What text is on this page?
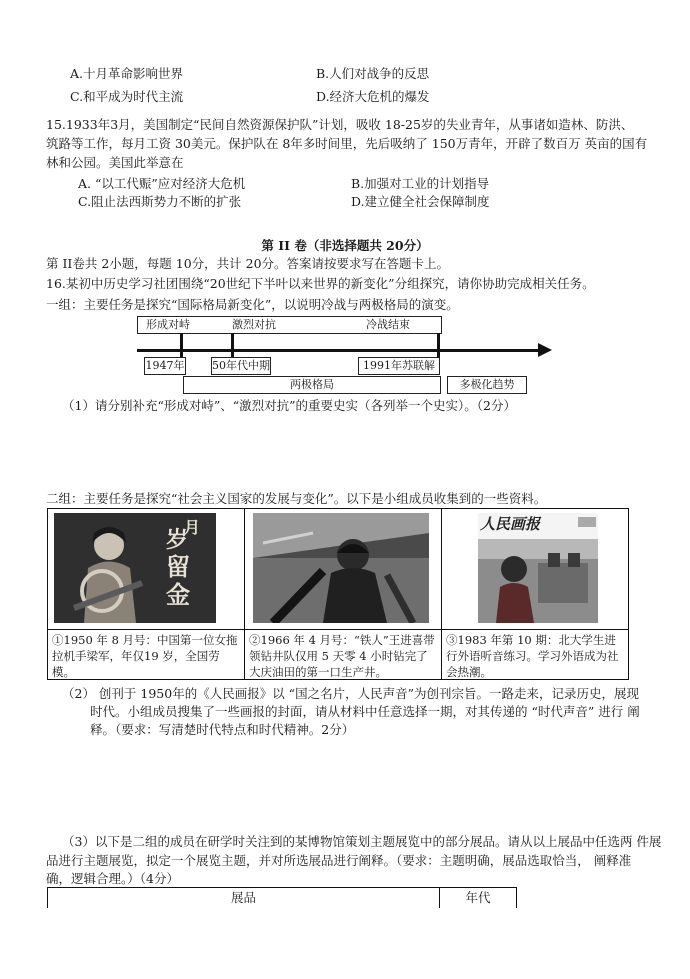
A.十月革命影响世界	B.人们对战争的反思
C.和平成为时代主流	D.经济大危机的爆发
15.1933年3月，美国制定“民间自然资源保护队”计划，吸收 18-25岁的失业青年，从事诸如造林、防洪、
筑路等工作，每月工资 30美元。保护队在 8年多时间里，先后吸纳了 150万青年，开辟了数百万 英亩的国有
林和公园。美国此举意在
A. “以工代赈”应对经济大危机	B.加强对工业的计划指导
C.阻止法西斯势力不断的扩张	D.建立健全社会保障制度
第 II 卷（非选择题共 20分）
第 II卷共 2小题，每题 10分，共计 20分。答案请按要求写在答题卡上。
16.某初中历史学习社团围绕“20世纪下半叶以来世界的新变化”分组探究，请你协助完成相关任务。
一组：主要任务是探究“国际格局新变化”，以说明冷战与两极格局的演变。
形成对峙	激烈对抗	冷战结束
1947年	50年代中期	1991年苏联解
两极格局	多极化趋势
（1）请分别补充“形成对峙”、“激烈对抗”的重要史实（各列举一个史实）。（2分）
二组：主要任务是探究“社会主义国家的发展与变化”。以下是小组成员收集到的一些资料。
岁
月
留
金
①1950 年 8 月号：中国第一位女拖拉机手梁军，年仅19 岁，全国劳模。
②1966 年 4 月号：“铁人”王进喜带领钻井队仅用 5 天零 4 小时钻完了大庆油田的第一口生产井。
人民画报
③1983 年第 10 期：北大学生进行外语听音练习。学习外语成为社会热潮。
（2） 创刊于 1950年的《人民画报》以 “国之名片，人民声音”为创刊宗旨。一路走来，记录历史，展现
时代。小组成员搜集了一些画报的封面，请从材料中任意选择一期，对其传递的 “时代声音” 进行 阐
释。（要求：写清楚时代特点和时代精神。2分）
（3）以下是二组的成员在研学时关注到的某博物馆策划主题展览中的部分展品。请从以上展品中任选两 件展
品进行主题展览，拟定一个展览主题，并对所选展品进行阐释。（要求：主题明确，展品选取恰当， 阐释准
确，逻辑合理。）（4分）
展品	年代
